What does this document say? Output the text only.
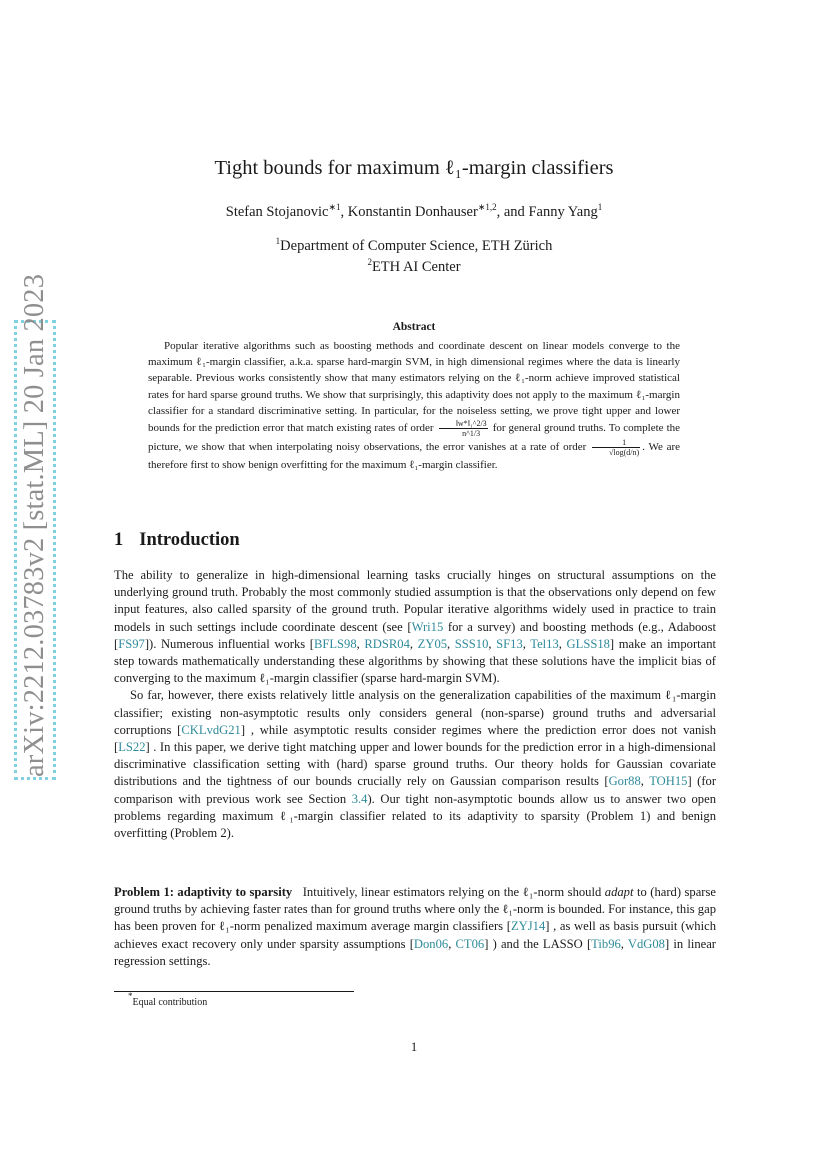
arXiv:2212.03783v2 [stat.ML] 20 Jan 2023
Tight bounds for maximum ℓ₁-margin classifiers
Stefan Stojanovic$^{∗1}$, Konstantin Donhauser$^{∗1,2}$, and Fanny Yang$^1$
$^1$Department of Computer Science, ETH Zürich
$^2$ETH AI Center
Abstract

Popular iterative algorithms such as boosting methods and coordinate descent on linear models converge to the maximum ℓ₁-margin classifier, a.k.a. sparse hard-margin SVM, in high dimensional regimes where the data is linearly separable. Previous works consistently show that many estimators relying on the ℓ₁-norm achieve improved statistical rates for hard sparse ground truths. We show that surprisingly, this adaptivity does not apply to the maximum ℓ₁-margin classifier for a standard discriminative setting. In particular, for the noiseless setting, we prove tight upper and lower bounds for the prediction error that match existing rates of order $\frac{\text{‖w*‖₁\textasciicircum{}2/3}}{n\^{}1/3}$ for general ground truths. To complete the picture, we show that when interpolating noisy observations, the error vanishes at a rate of order $\frac{1}{√\log(d/n)}$ . We are therefore first to show benign overfitting for the maximum ℓ₁-margin classifier.

1 Introduction

The ability to generalize in high-dimensional learning tasks crucially hinges on structural assumptions on the underlying ground truth. Probably the most commonly studied assumption is that the observations only depend on few input features, also called sparsity of the ground truth. Popular iterative algorithms widely used in practice to train models in such settings include coordinate descent (see [Wri15 for a survey) and boosting methods (e.g., Adaboost [FS97]). Numerous influential works [BFLS98, RDSR04, ZY05, SSS10, SF13, Tel13, GLSS18] make an important step towards mathematically understanding these algorithms by showing that these solutions have the implicit bias of converging to the maximum ℓ₁-margin classifier (sparse hard-margin SVM).

So far, however, there exists relatively little analysis on the generalization capabilities of the maximum ℓ₁-margin classifier; existing non-asymptotic results only considers general (non-sparse) ground truths and adversarial corruptions [CKLvdG21] , while asymptotic results consider regimes where the prediction error does not vanish [LS22] . In this paper, we derive tight matching upper and lower bounds for the prediction error in a high-dimensional discriminative classification setting with (hard) sparse ground truths. Our theory holds for Gaussian covariate distributions and the tightness of our bounds crucially rely on Gaussian comparison results [Gor88, TOH15] (for comparison with previous work see Section 3.4). Our tight non-asymptotic bounds allow us to answer two open problems regarding maximum ℓ₁-margin classifier related to its adaptivity to sparsity (Problem 1) and benign overfitting (Problem 2).

Problem 1: adaptivity to sparsity Intuitively, linear estimators relying on the ℓ₁-norm should adapt to (hard) sparse ground truths by achieving faster rates than for ground truths where only the ℓ₁-norm is bounded. For instance, this gap has been proven for ℓ₁-norm penalized maximum average margin classifiers [ZYJ14] , as well as basis pursuit (which achieves exact recovery only under sparsity assumptions [Don06, CT06] ) and the LASSO [Tib96, VdG08] in linear regression settings.

*Equal contribution
1
